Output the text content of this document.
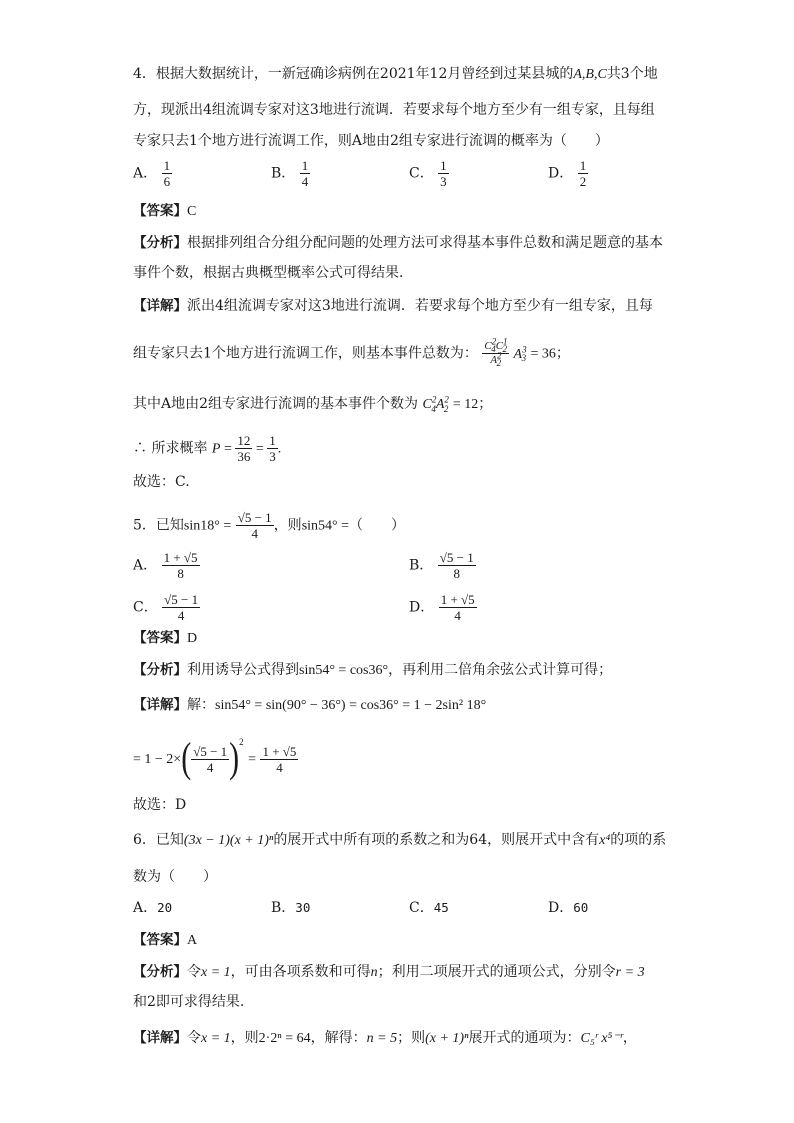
4．根据大数据统计，一新冠确诊病例在2021年12月曾经到过某县城的A,B,C共3个地
方，现派出4组流调专家对这3地进行流调．若要求每个地方至少有一组专家，且每组
专家只去1个地方进行流调工作，则A地由2组专家进行流调的概率为（　　）
A． $\frac{1}{6}$	B． $\frac{1}{4}$	C． $\frac{1}{3}$	D． $\frac{1}{2}$
【答案】C
【分析】根据排列组合分组分配问题的处理方法可求得基本事件总数和满足题意的基本
事件个数，根据古典概型概率公式可得结果.
【详解】派出4组流调专家对这3地进行流调．若要求每个地方至少有一组专家，且每
组专家只去1个地方进行流调工作，则基本事件总数为： $\frac{C^2_4C^1_2}{A^2_2} A^3_3 = 36$；
其中A地由2组专家进行流调的基本事件个数为 $C^2_4A^2_2 = 12$；
∴ 所求概率 $P = \frac{12}{36} = \frac{1}{3}$ .
故选：C.
5．已知$\sin 18^\circ = \frac{√5 - 1}{4}$ ，则sin54° =（　　）
A． $\frac{1 + √5}{8}$	B． $\frac{√5 - 1}{8}$
C． $\frac{√5 - 1}{4}$	D． $\frac{1 + √5}{4}$
【答案】D
【分析】利用诱导公式得到sin54° = cos36°，再利用二倍角余弦公式计算可得；
【详解】解：sin54° = sin(90° − 36°) = cos36° = 1 − 2sin² 18°
= $1 - 2\times( \frac{√5 - 1}{4} )^2 = \frac{1 + √5}{4}$
故选：D
6．已知(3x − 1)(x + 1)ⁿ的展开式中所有项的系数之和为64，则展开式中含有x⁴的项的系
数为（　　）
A．20	B．30	C．45	D．60
【答案】A
【分析】令x = 1，可由各项系数和可得n；利用二项展开式的通项公式，分别令r = 3
和2即可求得结果.
【详解】令x = 1，则2·2ⁿ = 64，解得：n = 5；则(x + 1)ⁿ展开式的通项为：C₅ʳ x⁵⁻ʳ，
